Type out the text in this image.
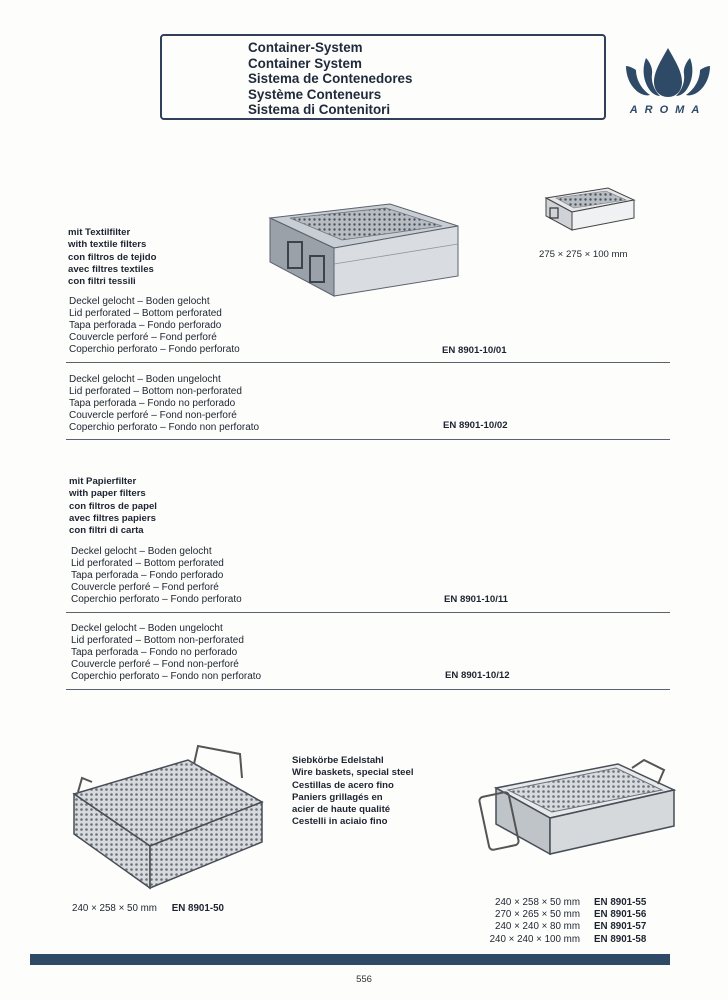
Container-System
Container System
Sistema de Contenedores
Système Conteneurs
Sistema di Contenitori	AROMA
275 × 275 × 100 mm
mit Textilfilter
with textile filters
con filtros de tejido
avec filtres textiles
con filtri tessili
Deckel gelocht – Boden gelocht
Lid perforated – Bottom perforated
Tapa perforada – Fondo perforado
Couvercle perforé – Fond perforé
Coperchio perforato – Fondo perforato	EN 8901-10/01
Deckel gelocht – Boden ungelocht
Lid perforated – Bottom non-perforated
Tapa perforada – Fondo no perforado
Couvercle perforé – Fond non-perforé
Coperchio perforato – Fondo non perforato	EN 8901-10/02
mit Papierfilter
with paper filters
con filtros de papel
avec filtres papiers
con filtri di carta
Deckel gelocht – Boden gelocht
Lid perforated – Bottom perforated
Tapa perforada – Fondo perforado
Couvercle perforé – Fond perforé
Coperchio perforato – Fondo perforato	EN 8901-10/11
Deckel gelocht – Boden ungelocht
Lid perforated – Bottom non-perforated
Tapa perforada – Fondo no perforado
Couvercle perforé – Fond non-perforé
Coperchio perforato – Fondo non perforato	EN 8901-10/12
240 × 258 × 50 mm EN 8901-50
Siebkörbe Edelstahl
Wire baskets, special steel
Cestillas de acero fino
Paniers grillagés en
acier de haute qualité
Cestelli in aciaio fino
240 × 258 × 50 mm EN 8901-55
270 × 265 × 50 mm EN 8901-56
240 × 240 × 80 mm EN 8901-57
240 × 240 × 100 mm EN 8901-58
556
